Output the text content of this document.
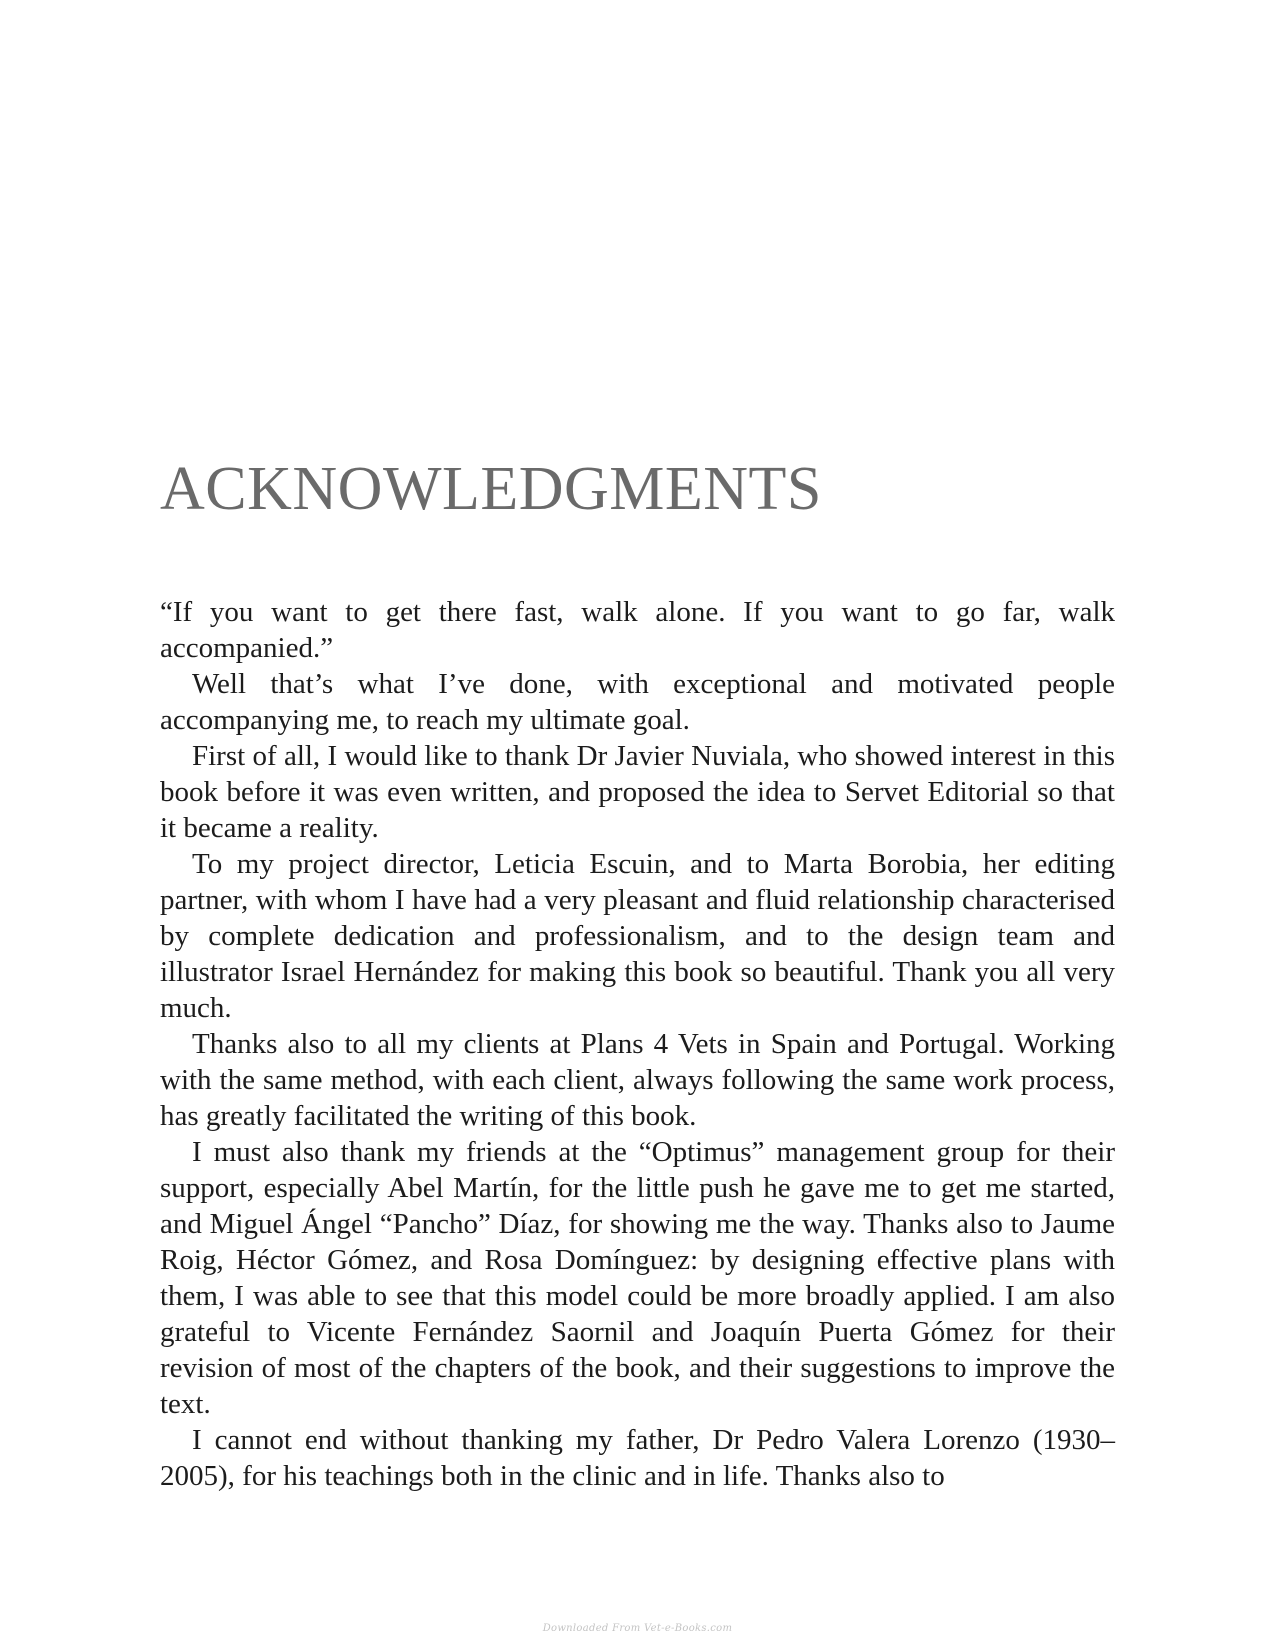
ACKNOWLEDGMENTS

“If you want to get there fast, walk alone. If you want to go far, walk accompanied.”

Well that’s what I’ve done, with exceptional and motivated people accompanying me, to reach my ultimate goal.

First of all, I would like to thank Dr Javier Nuviala, who showed interest in this book before it was even written, and proposed the idea to Servet Editorial so that it became a reality.

To my project director, Leticia Escuin, and to Marta Borobia, her editing partner, with whom I have had a very pleasant and fluid relationship characterised by complete dedication and professionalism, and to the design team and illustrator Israel Hernández for making this book so beautiful. Thank you all very much.

Thanks also to all my clients at Plans 4 Vets in Spain and Portugal. Working with the same method, with each client, always following the same work process, has greatly facilitated the writing of this book.

I must also thank my friends at the “Optimus” management group for their support, especially Abel Martín, for the little push he gave me to get me started, and Miguel Ángel “Pancho” Díaz, for showing me the way. Thanks also to Jaume Roig, Héctor Gómez, and Rosa Domínguez: by designing effective plans with them, I was able to see that this model could be more broadly applied. I am also grateful to Vicente Fernández Saornil and Joaquín Puerta Gómez for their revision of most of the chapters of the book, and their suggestions to improve the text.

I cannot end without thanking my father, Dr Pedro Valera Lorenzo (1930–2005), for his teachings both in the clinic and in life. Thanks also to

Downloaded From Vet-e-Books.com
